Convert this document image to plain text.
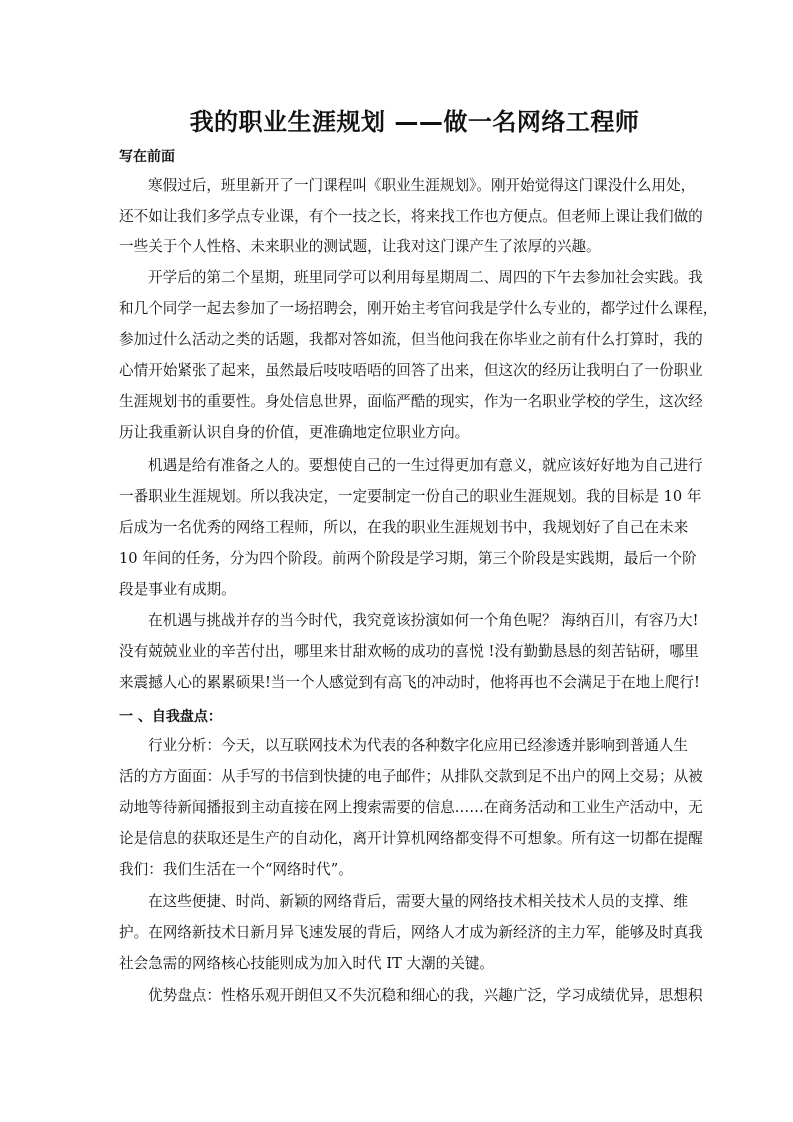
我的职业生涯规划 ——做一名网络工程师
写在前面
寒假过后，班里新开了一门课程叫《职业生涯规划》。刚开始觉得这门课没什么用处，
还不如让我们多学点专业课，有个一技之长，将来找工作也方便点。但老师上课让我们做的
一些关于个人性格、未来职业的测试题，让我对这门课产生了浓厚的兴趣。
开学后的第二个星期，班里同学可以利用每星期周二、周四的下午去参加社会实践。我
和几个同学一起去参加了一场招聘会，刚开始主考官问我是学什么专业的，都学过什么课程，
参加过什么活动之类的话题，我都对答如流，但当他问我在你毕业之前有什么打算时，我的
心情开始紧张了起来，虽然最后吱吱唔唔的回答了出来，但这次的经历让我明白了一份职业
生涯规划书的重要性。身处信息世界，面临严酷的现实，作为一名职业学校的学生，这次经
历让我重新认识自身的价值，更准确地定位职业方向。
机遇是给有准备之人的。要想使自己的一生过得更加有意义，就应该好好地为自己进行
一番职业生涯规划。所以我决定，一定要制定一份自己的职业生涯规划。我的目标是 10 年
后成为一名优秀的网络工程师，所以，在我的职业生涯规划书中，我规划好了自己在未来
10 年间的任务，分为四个阶段。前两个阶段是学习期，第三个阶段是实践期，最后一个阶
段是事业有成期。
在机遇与挑战并存的当今时代，我究竟该扮演如何一个角色呢？ 海纳百川，有容乃大!
没有兢兢业业的辛苦付出，哪里来甘甜欢畅的成功的喜悦 !没有勤勤恳恳的刻苦钻研，哪里
来震撼人心的累累硕果!当一个人感觉到有高飞的冲动时，他将再也不会满足于在地上爬行!
一 、自我盘点：
行业分析：今天，以互联网技术为代表的各种数字化应用已经渗透并影响到普通人生
活的方方面面：从手写的书信到快捷的电子邮件；从排队交款到足不出户的网上交易；从被
动地等待新闻播报到主动直接在网上搜索需要的信息……在商务活动和工业生产活动中，无
论是信息的获取还是生产的自动化，离开计算机网络都变得不可想象。所有这一切都在提醒
我们：我们生活在一个“网络时代”。
在这些便捷、时尚、新颖的网络背后，需要大量的网络技术相关技术人员的支撑、维
护。在网络新技术日新月异飞速发展的背后，网络人才成为新经济的主力军，能够及时真我
社会急需的网络核心技能则成为加入时代 IT 大潮的关键。
优势盘点：性格乐观开朗但又不失沉稳和细心的我，兴趣广泛，学习成绩优异，思想积
